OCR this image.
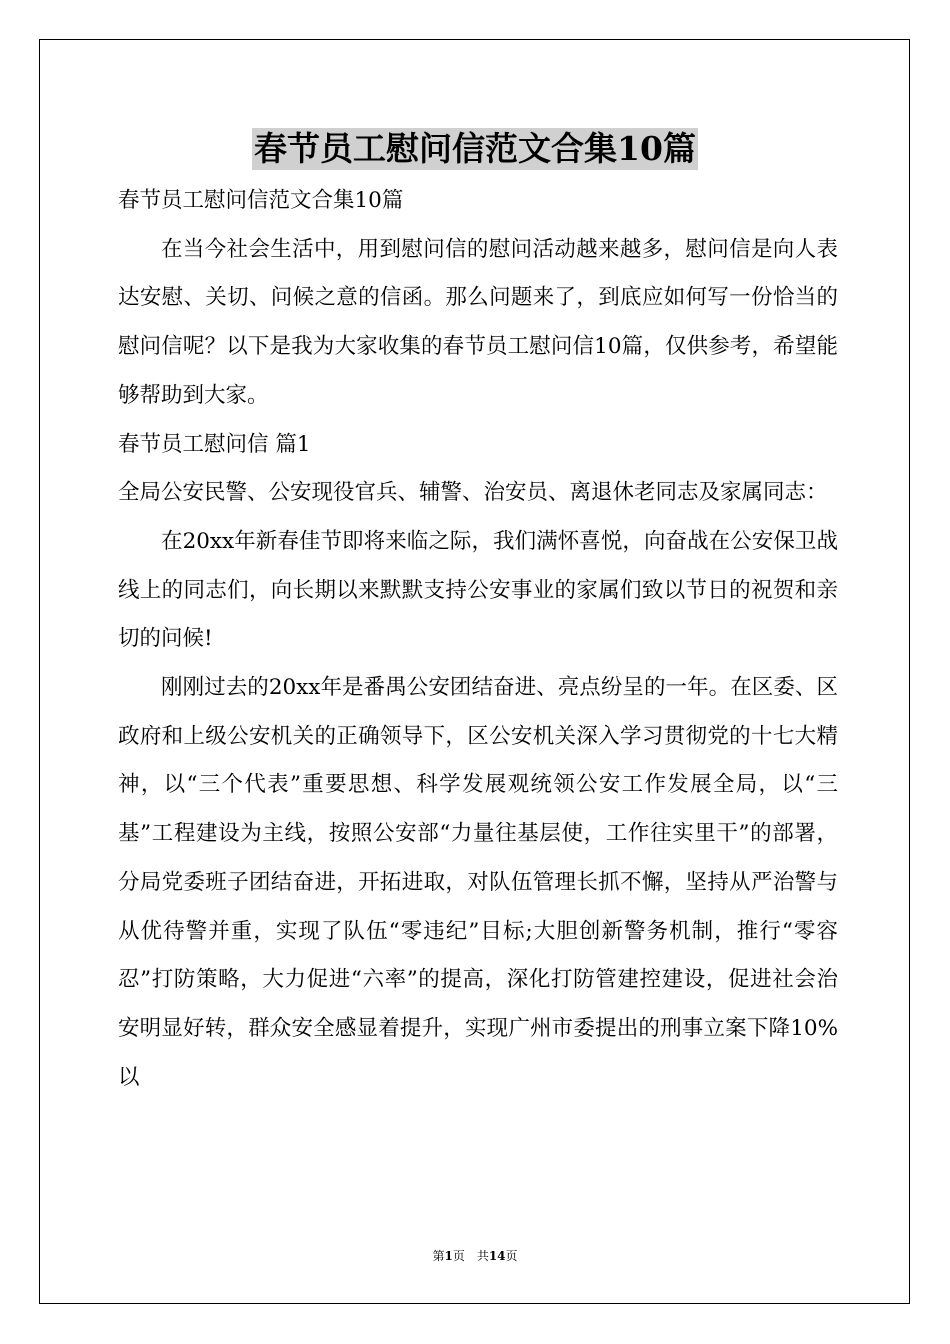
春节员工慰问信范文合集10篇

春节员工慰问信范文合集10篇

在当今社会生活中，用到慰问信的慰问活动越来越多，慰问信是向人表达安慰、关切、问候之意的信函。那么问题来了，到底应如何写一份恰当的慰问信呢？以下是我为大家收集的春节员工慰问信10篇，仅供参考，希望能够帮助到大家。

春节员工慰问信 篇1

全局公安民警、公安现役官兵、辅警、治安员、离退休老同志及家属同志：

在20xx年新春佳节即将来临之际，我们满怀喜悦，向奋战在公安保卫战线上的同志们，向长期以来默默支持公安事业的家属们致以节日的祝贺和亲切的问候!

刚刚过去的20xx年是番禺公安团结奋进、亮点纷呈的一年。在区委、区政府和上级公安机关的正确领导下，区公安机关深入学习贯彻党的十七大精神，以“三个代表”重要思想、科学发展观统领公安工作发展全局，以“三基”工程建设为主线，按照公安部“力量往基层使，工作往实里干”的部署，分局党委班子团结奋进，开拓进取，对队伍管理长抓不懈，坚持从严治警与从优待警并重，实现了队伍“零违纪”目标;大胆创新警务机制，推行“零容忍”打防策略，大力促进“六率”的提高，深化打防管建控建设，促进社会治安明显好转，群众安全感显着提升，实现广州市委提出的刑事立案下降10%以

第1页　共14页
